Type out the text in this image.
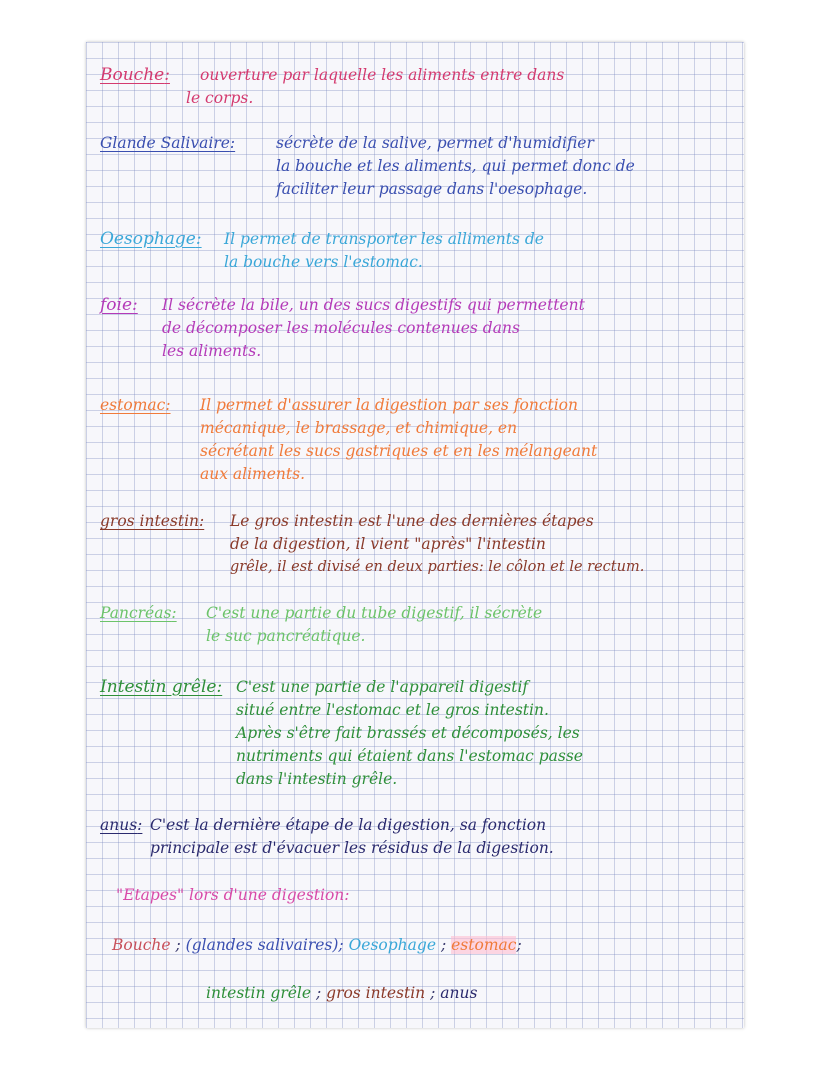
Bouche: ouverture par laquelle les aliments entre dans
le corps.
Glande Salivaire:	sécrète de la salive, permet d'humidifier
la bouche et les aliments, qui permet donc de
faciliter leur passage dans l'oesophage.
Oesophage: Il permet de transporter les alliments de
la bouche vers l'estomac.
foie: Il sécrète la bile, un des sucs digestifs qui permettent
de décomposer les molécules contenues dans
les aliments.
estomac: Il permet d'assurer la digestion par ses fonction
mécanique, le brassage, et chimique, en
sécrétant les sucs gastriques et en les mélangeant
aux aliments.
gros intestin: Le gros intestin est l'une des dernières étapes
de la digestion, il vient "après" l'intestin
grêle, il est divisé en deux parties: le côlon et le rectum.
Pancréas: C'est une partie du tube digestif, il sécrète
le suc pancréatique.
Intestin grêle: C'est une partie de l'appareil digestif
situé entre l'estomac et le gros intestin.
Après s'être fait brassés et décomposés, les
nutriments qui étaient dans l'estomac passe
dans l'intestin grêle.
anus: C'est la dernière étape de la digestion, sa fonction
principale est d'évacuer les résidus de la digestion.
"Etapes" lors d'une digestion:
Bouche ; (glandes salivaires); Oesophage ; estomac;
intestin grêle ; gros intestin ; anus
